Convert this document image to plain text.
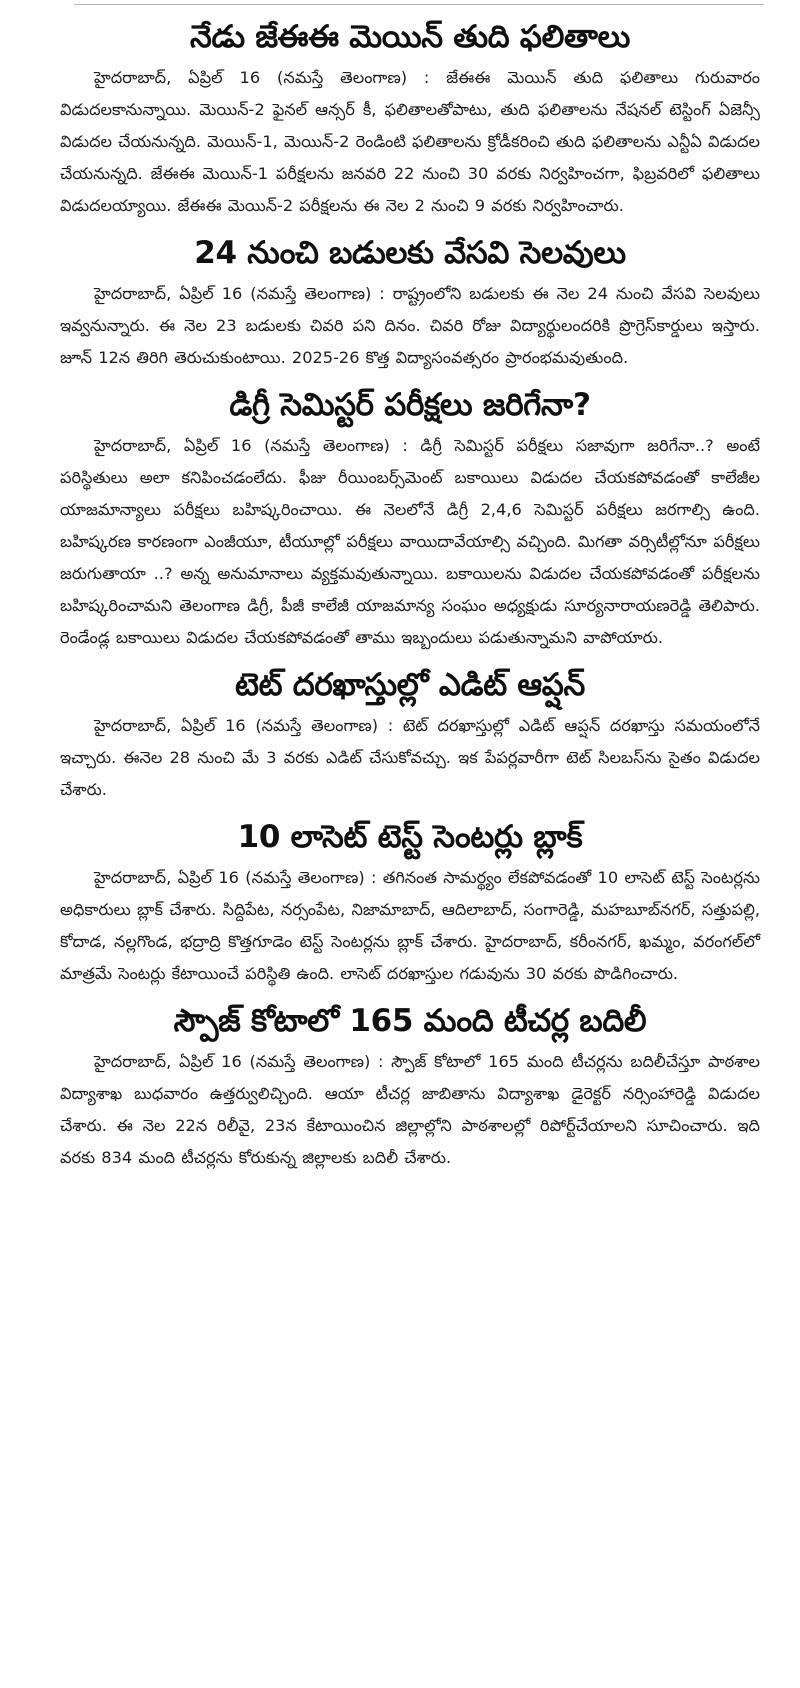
నేడు జేఈఈ మెయిన్‌ తుది ఫలితాలు

హైదరాబాద్‌, ఏప్రిల్‌ 16 (నమస్తే తెలంగాణ) : జేఈఈ మెయిన్‌ తుది ఫలితాలు గురువారం విడుదలకానున్నాయి. మెయిన్‌-2 ఫైనల్‌ ఆన్సర్‌ కీ, ఫలితాలతోపాటు, తుది ఫలితాలను నేషనల్‌ టెస్టింగ్‌ ఏజెన్సీ విడుదల చేయనున్నది. మెయిన్‌-1, మెయిన్‌-2 రెండింటి ఫలితాలను క్రోడీకరించి తుది ఫలితాలను ఎన్టీఏ విడుదల చేయనున్నది. జేఈఈ మెయిన్‌-1 పరీక్షలను జనవరి 22 నుంచి 30 వరకు నిర్వహించగా, ఫిబ్రవరిలో ఫలితాలు విడుదలయ్యాయి. జేఈఈ మెయిన్‌-2 పరీక్షలను ఈ నెల 2 నుంచి 9 వరకు నిర్వహించారు.

24 నుంచి బడులకు వేసవి సెలవులు

హైదరాబాద్‌, ఏప్రిల్‌ 16 (నమస్తే తెలంగాణ) : రాష్ట్రంలోని బడులకు ఈ నెల 24 నుంచి వేసవి సెలవులు ఇవ్వనున్నారు. ఈ నెల 23 బడులకు చివరి పని దినం. చివరి రోజు విద్యార్థులందరికి ప్రొగ్రెస్‌కార్డులు ఇస్తారు. జూన్‌ 12న తిరిగి తెరుచుకుంటాయి. 2025-26 కొత్త విద్యాసంవత్సరం ప్రారంభమవుతుంది.

డిగ్రీ సెమిస్టర్‌ పరీక్షలు జరిగేనా?

హైదరాబాద్‌, ఏప్రిల్‌ 16 (నమస్తే తెలంగాణ) : డిగ్రీ సెమిస్టర్‌ పరీక్షలు సజావుగా జరిగేనా..? అంటే పరిస్థితులు అలా కనిపించడంలేదు. ఫీజు రీయింబర్స్‌మెంట్‌ బకాయిలు విడుదల చేయకపోవడంతో కాలేజీల యాజమాన్యాలు పరీక్షలు బహిష్కరించాయి. ఈ నెలలోనే డిగ్రీ 2,4,6 సెమిస్టర్‌ పరీక్షలు జరగాల్సి ఉంది. బహిష్కరణ కారణంగా ఎంజీయూ, టీయూల్లో పరీక్షలు వాయిదావేయాల్సి వచ్చింది. మిగతా వర్సిటీల్లోనూ పరీక్షలు జరుగుతాయా ..? అన్న అనుమానాలు వ్యక్తమవుతున్నాయి. బకాయిలను విడుదల చేయకపోవడంతో పరీక్షలను బహిష్కరించామని తెలంగాణ డిగ్రీ, పీజీ కాలేజీ యాజమాన్య సంఘం అధ్యక్షుడు సూర్యనారాయణరెడ్డి తెలిపారు. రెండేండ్ల బకాయిలు విడుదల చేయకపోవడంతో తాము ఇబ్బందులు పడుతున్నామని వాపోయారు.

టెట్‌ దరఖాస్తుల్లో ఎడిట్‌ ఆప్షన్‌

హైదరాబాద్‌, ఏప్రిల్‌ 16 (నమస్తే తెలంగాణ) : టెట్‌ దరఖాస్తుల్లో ఎడిట్‌ ఆప్షన్‌ దరఖాస్తు సమయంలోనే ఇచ్చారు. ఈనెల 28 నుంచి మే 3 వరకు ఎడిట్‌ చేసుకోవచ్చు. ఇక పేపర్లవారీగా టెట్‌ సిలబస్‌ను సైతం విడుదల చేశారు.

10 లాసెట్‌ టెస్ట్‌ సెంటర్లు బ్లాక్‌

హైదరాబాద్‌, ఏప్రిల్‌ 16 (నమస్తే తెలంగాణ) : తగినంత సామర్థ్యం లేకపోవడంతో 10 లాసెట్‌ టెస్ట్‌ సెంటర్లను అధికారులు బ్లాక్‌ చేశారు. సిద్దిపేట, నర్సంపేట, నిజామాబాద్‌, ఆదిలాబాద్‌, సంగారెడ్డి, మహబూబ్‌నగర్‌, సత్తుపల్లి, కోదాడ, నల్లగొండ, భద్రాద్రి కొత్తగూడెం టెస్ట్‌ సెంటర్లను బ్లాక్‌ చేశారు. హైదరాబాద్‌, కరీంనగర్‌, ఖమ్మం, వరంగల్‌లో మాత్రమే సెంటర్లు కేటాయించే పరిస్థితి ఉంది. లాసెట్‌ దరఖాస్తుల గడువును 30 వరకు పొడిగించారు.

స్పౌజ్‌ కోటాలో 165 మంది టీచర్ల బదిలీ

హైదరాబాద్‌, ఏప్రిల్‌ 16 (నమస్తే తెలంగాణ) : స్పౌజ్‌ కోటాలో 165 మంది టీచర్లను బదిలీచేస్తూ పాఠశాల విద్యాశాఖ బుధవారం ఉత్తర్వులిచ్చింది. ఆయా టీచర్ల జాబితాను విద్యాశాఖ డైరెక్టర్‌ నర్సింహారెడ్డి విడుదల చేశారు. ఈ నెల 22న రిలీవై, 23న కేటాయించిన జిల్లాల్లోని పాఠశాలల్లో రిపోర్ట్‌చేయాలని సూచించారు. ఇది వరకు 834 మంది టీచర్లను కోరుకున్న జిల్లాలకు బదిలీ చేశారు.
